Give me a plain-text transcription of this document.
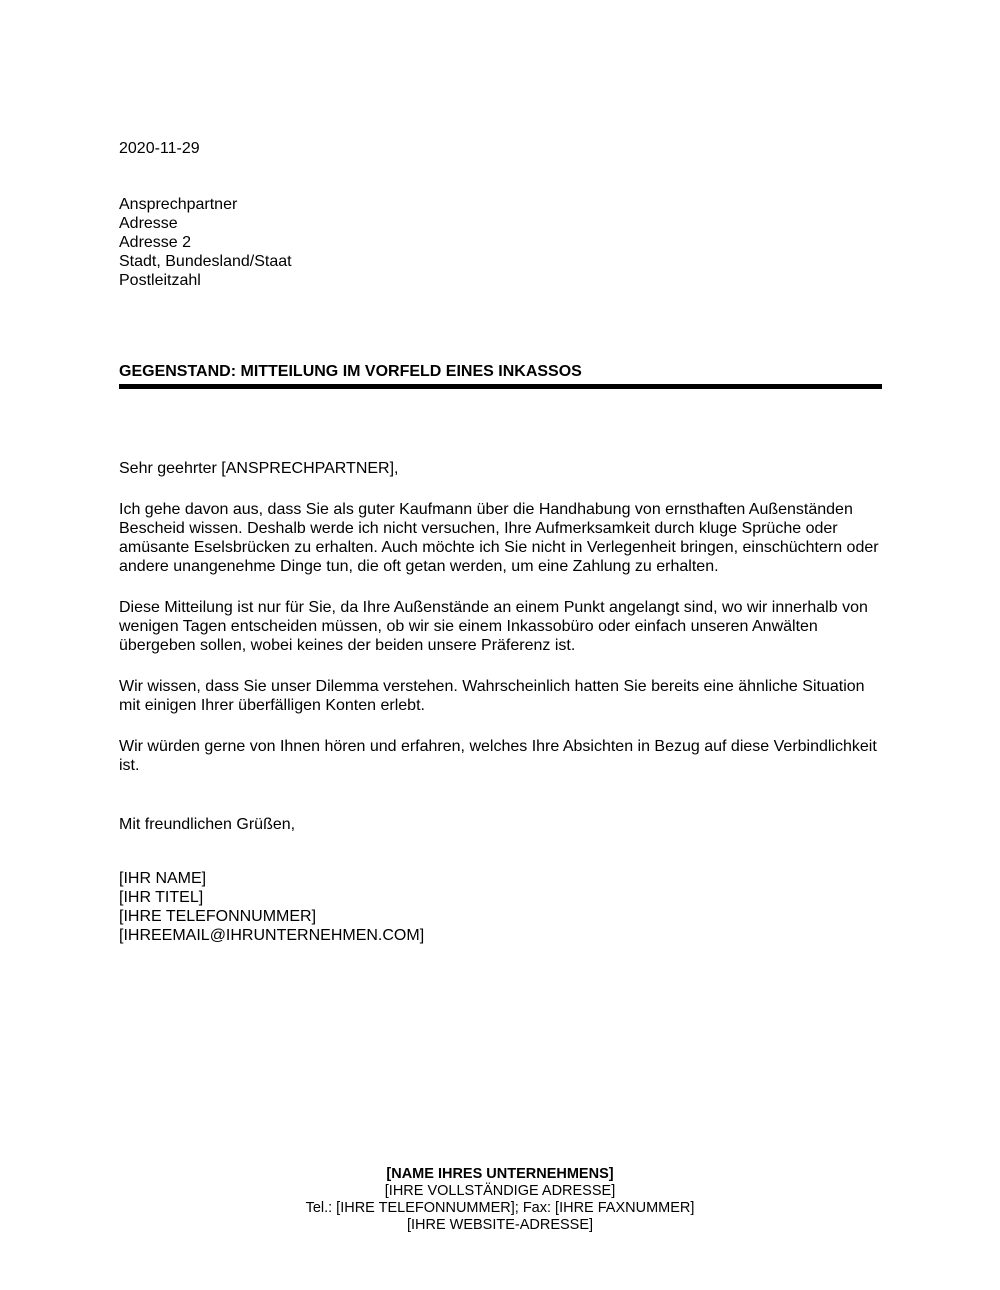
2020-11-29
Ansprechpartner
Adresse
Adresse 2
Stadt, Bundesland/Staat
Postleitzahl
GEGENSTAND: MITTEILUNG IM VORFELD EINES INKASSOS
Sehr geehrter [ANSPRECHPARTNER],

Ich gehe davon aus, dass Sie als guter Kaufmann über die Handhabung von ernsthaften Außenständen Bescheid wissen. Deshalb werde ich nicht versuchen, Ihre Aufmerksamkeit durch kluge Sprüche oder amüsante Eselsbrücken zu erhalten. Auch möchte ich Sie nicht in Verlegenheit bringen, einschüchtern oder andere unangenehme Dinge tun, die oft getan werden, um eine Zahlung zu erhalten.

Diese Mitteilung ist nur für Sie, da Ihre Außenstände an einem Punkt angelangt sind, wo wir innerhalb von wenigen Tagen entscheiden müssen, ob wir sie einem Inkassobüro oder einfach unseren Anwälten übergeben sollen, wobei keines der beiden unsere Präferenz ist.

Wir wissen, dass Sie unser Dilemma verstehen. Wahrscheinlich hatten Sie bereits eine ähnliche Situation mit einigen Ihrer überfälligen Konten erlebt.

Wir würden gerne von Ihnen hören und erfahren, welches Ihre Absichten in Bezug auf diese Verbindlichkeit ist.

Mit freundlichen Grüßen,
[IHR NAME]
[IHR TITEL]
[IHRE TELEFONNUMMER]
[IHREEMAIL@IHRUNTERNEHMEN.COM]
[NAME IHRES UNTERNEHMENS]
[IHRE VOLLSTÄNDIGE ADRESSE]
Tel.: [IHRE TELEFONNUMMER]; Fax: [IHRE FAXNUMMER]
[IHRE WEBSITE-ADRESSE]
